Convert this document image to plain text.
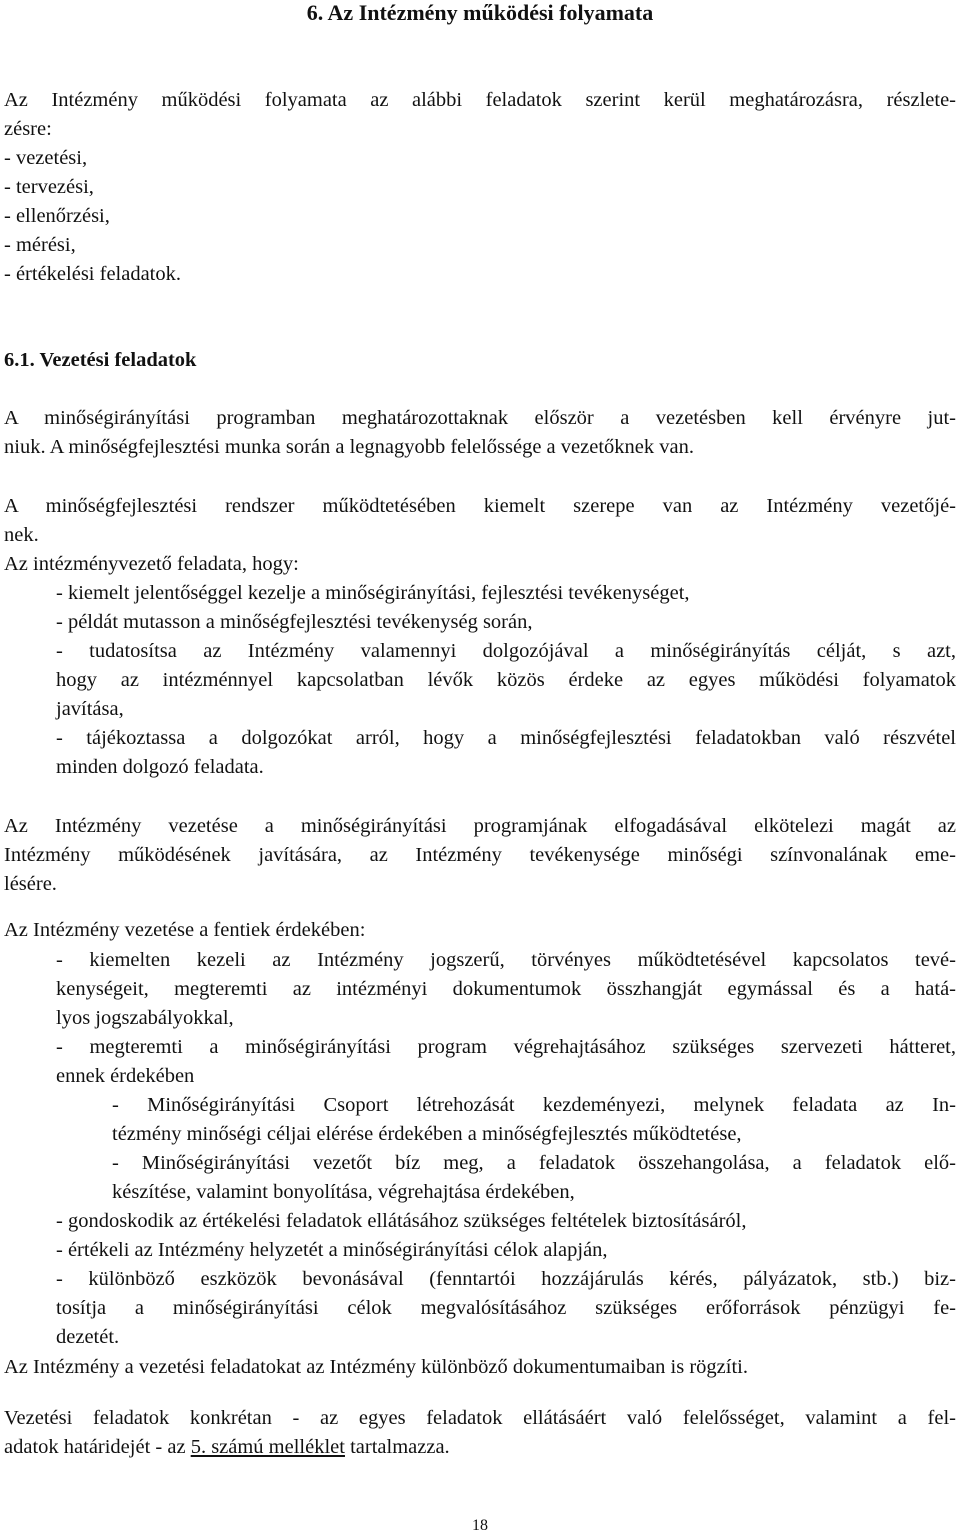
6. Az Intézmény működési folyamata
Az Intézmény működési folyamata az alábbi feladatok szerint kerül meghatározásra, részlete-
zésre:
- vezetési,
- tervezési,
- ellenőrzési,
- mérési,
- értékelési feladatok.
6.1. Vezetési feladatok
A minőségirányítási programban meghatározottaknak először a vezetésben kell érvényre jut-
niuk. A minőségfejlesztési munka során a legnagyobb felelőssége a vezetőknek van.
A minőségfejlesztési rendszer működtetésében kiemelt szerepe van az Intézmény vezetőjé-
nek.
Az intézményvezető feladata, hogy:
- kiemelt jelentőséggel kezelje a minőségirányítási, fejlesztési tevékenységet,
- példát mutasson a minőségfejlesztési tevékenység során,
- tudatosítsa az Intézmény valamennyi dolgozójával a minőségirányítás célját, s azt,
hogy az intézménnyel kapcsolatban lévők közös érdeke az egyes működési folyamatok
javítása,
- tájékoztassa a dolgozókat arról, hogy a minőségfejlesztési feladatokban való részvétel
minden dolgozó feladata.
Az Intézmény vezetése a minőségirányítási programjának elfogadásával elkötelezi magát az
Intézmény működésének javítására, az Intézmény tevékenysége minőségi színvonalának eme-
lésére.
Az Intézmény vezetése a fentiek érdekében:
- kiemelten kezeli az Intézmény jogszerű, törvényes működtetésével kapcsolatos tevé-
kenységeit, megteremti az intézményi dokumentumok összhangját egymással és a hatá-
lyos jogszabályokkal,
- megteremti a minőségirányítási program végrehajtásához szükséges szervezeti hátteret,
ennek érdekében
- Minőségirányítási Csoport létrehozását kezdeményezi, melynek feladata az In-
tézmény minőségi céljai elérése érdekében a minőségfejlesztés működtetése,
- Minőségirányítási vezetőt bíz meg, a feladatok összehangolása, a feladatok elő-
készítése, valamint bonyolítása, végrehajtása érdekében,
- gondoskodik az értékelési feladatok ellátásához szükséges feltételek biztosításáról,
- értékeli az Intézmény helyzetét a minőségirányítási célok alapján,
- különböző eszközök bevonásával (fenntartói hozzájárulás kérés, pályázatok, stb.) biz-
tosítja a minőségirányítási célok megvalósításához szükséges erőforrások pénzügyi fe-
dezetét.
Az Intézmény a vezetési feladatokat az Intézmény különböző dokumentumaiban is rögzíti.
Vezetési feladatok konkrétan - az egyes feladatok ellátásáért való felelősséget, valamint a fel-
adatok határidejét - az 5. számú melléklet tartalmazza.
18
